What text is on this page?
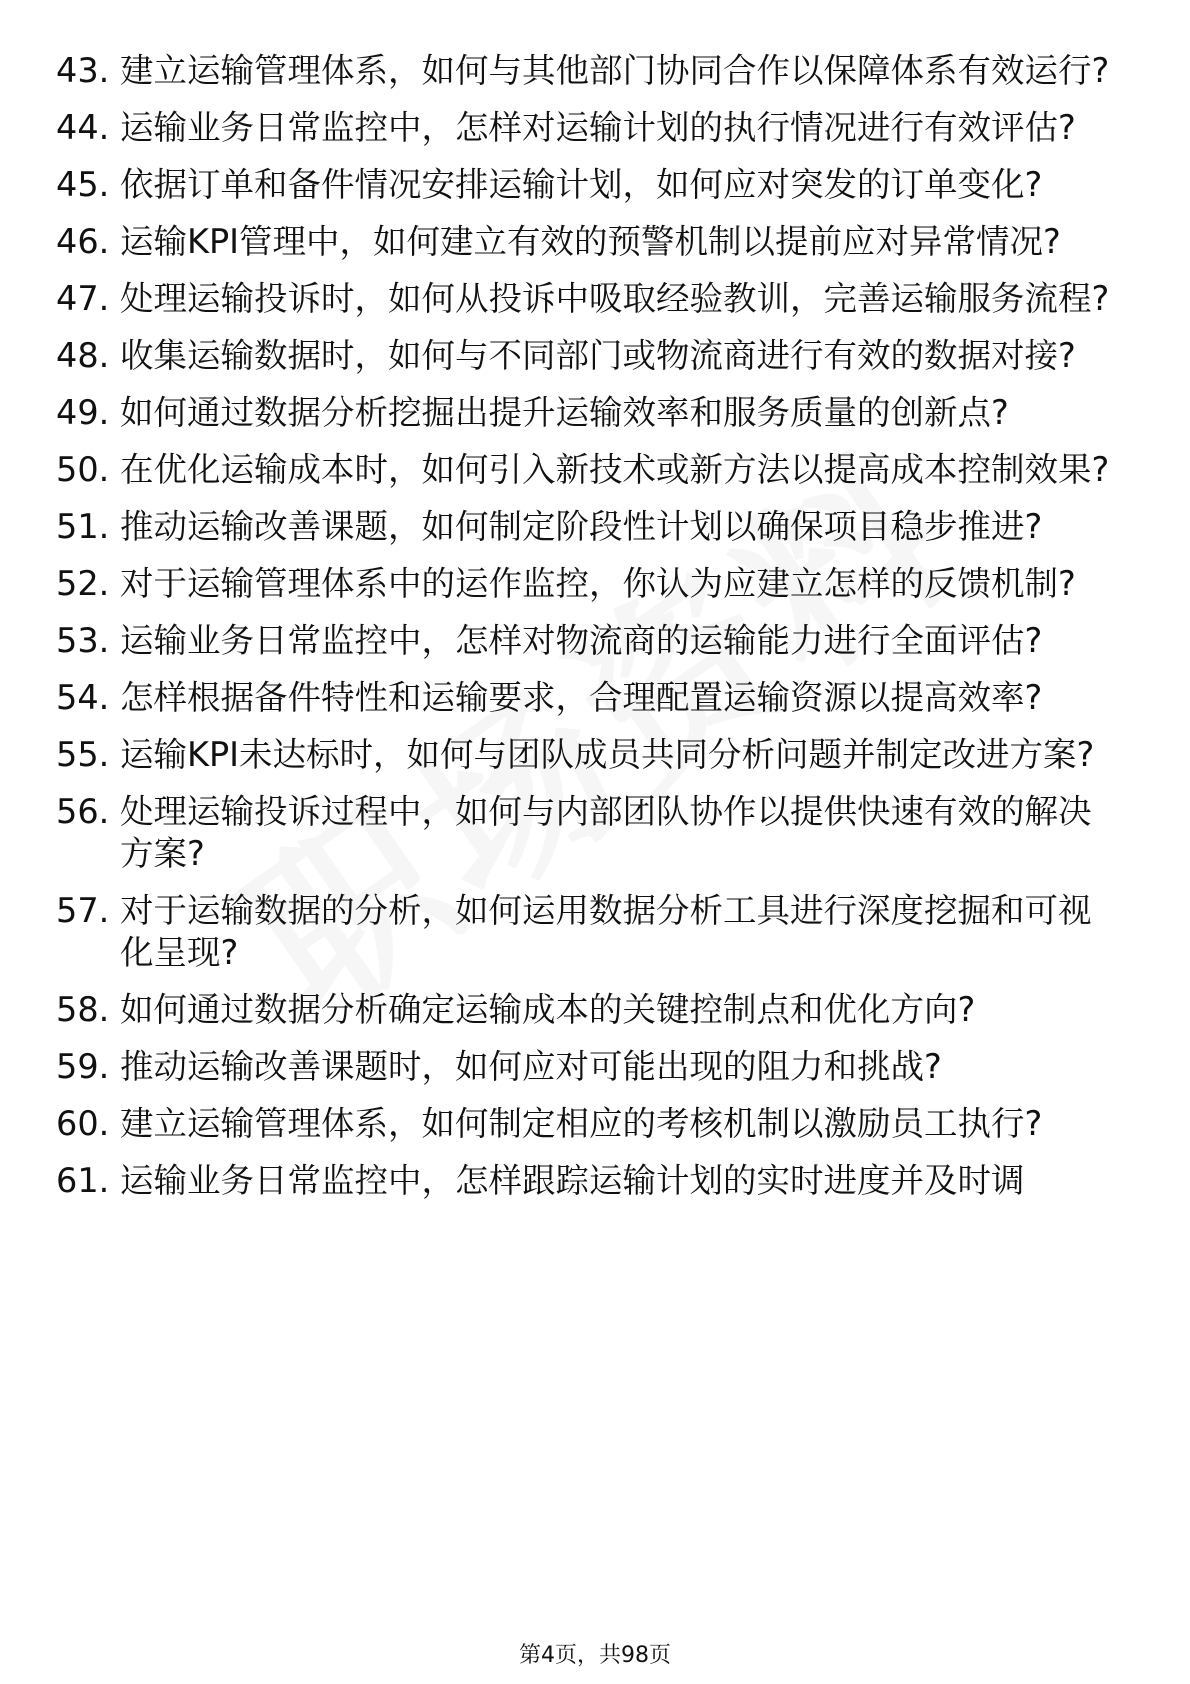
43. 建立运输管理体系，如何与其他部门协同合作以保障体系有效运行?
44. 运输业务日常监控中，怎样对运输计划的执行情况进行有效评估?
45. 依据订单和备件情况安排运输计划，如何应对突发的订单变化?
46. 运输KPI管理中，如何建立有效的预警机制以提前应对异常情况?
47. 处理运输投诉时，如何从投诉中吸取经验教训，完善运输服务流程?
48. 收集运输数据时，如何与不同部门或物流商进行有效的数据对接?
49. 如何通过数据分析挖掘出提升运输效率和服务质量的创新点?
50. 在优化运输成本时，如何引入新技术或新方法以提高成本控制效果?
51. 推动运输改善课题，如何制定阶段性计划以确保项目稳步推进?
52. 对于运输管理体系中的运作监控，你认为应建立怎样的反馈机制?
53. 运输业务日常监控中，怎样对物流商的运输能力进行全面评估?
54. 怎样根据备件特性和运输要求，合理配置运输资源以提高效率?
55. 运输KPI未达标时，如何与团队成员共同分析问题并制定改进方案?
56. 处理运输投诉过程中，如何与内部团队协作以提供快速有效的解决方案?
57. 对于运输数据的分析，如何运用数据分析工具进行深度挖掘和可视化呈现?
58. 如何通过数据分析确定运输成本的关键控制点和优化方向?
59. 推动运输改善课题时，如何应对可能出现的阻力和挑战?
60. 建立运输管理体系，如何制定相应的考核机制以激励员工执行?
61. 运输业务日常监控中，怎样跟踪运输计划的实时进度并及时调
第4页，共98页
